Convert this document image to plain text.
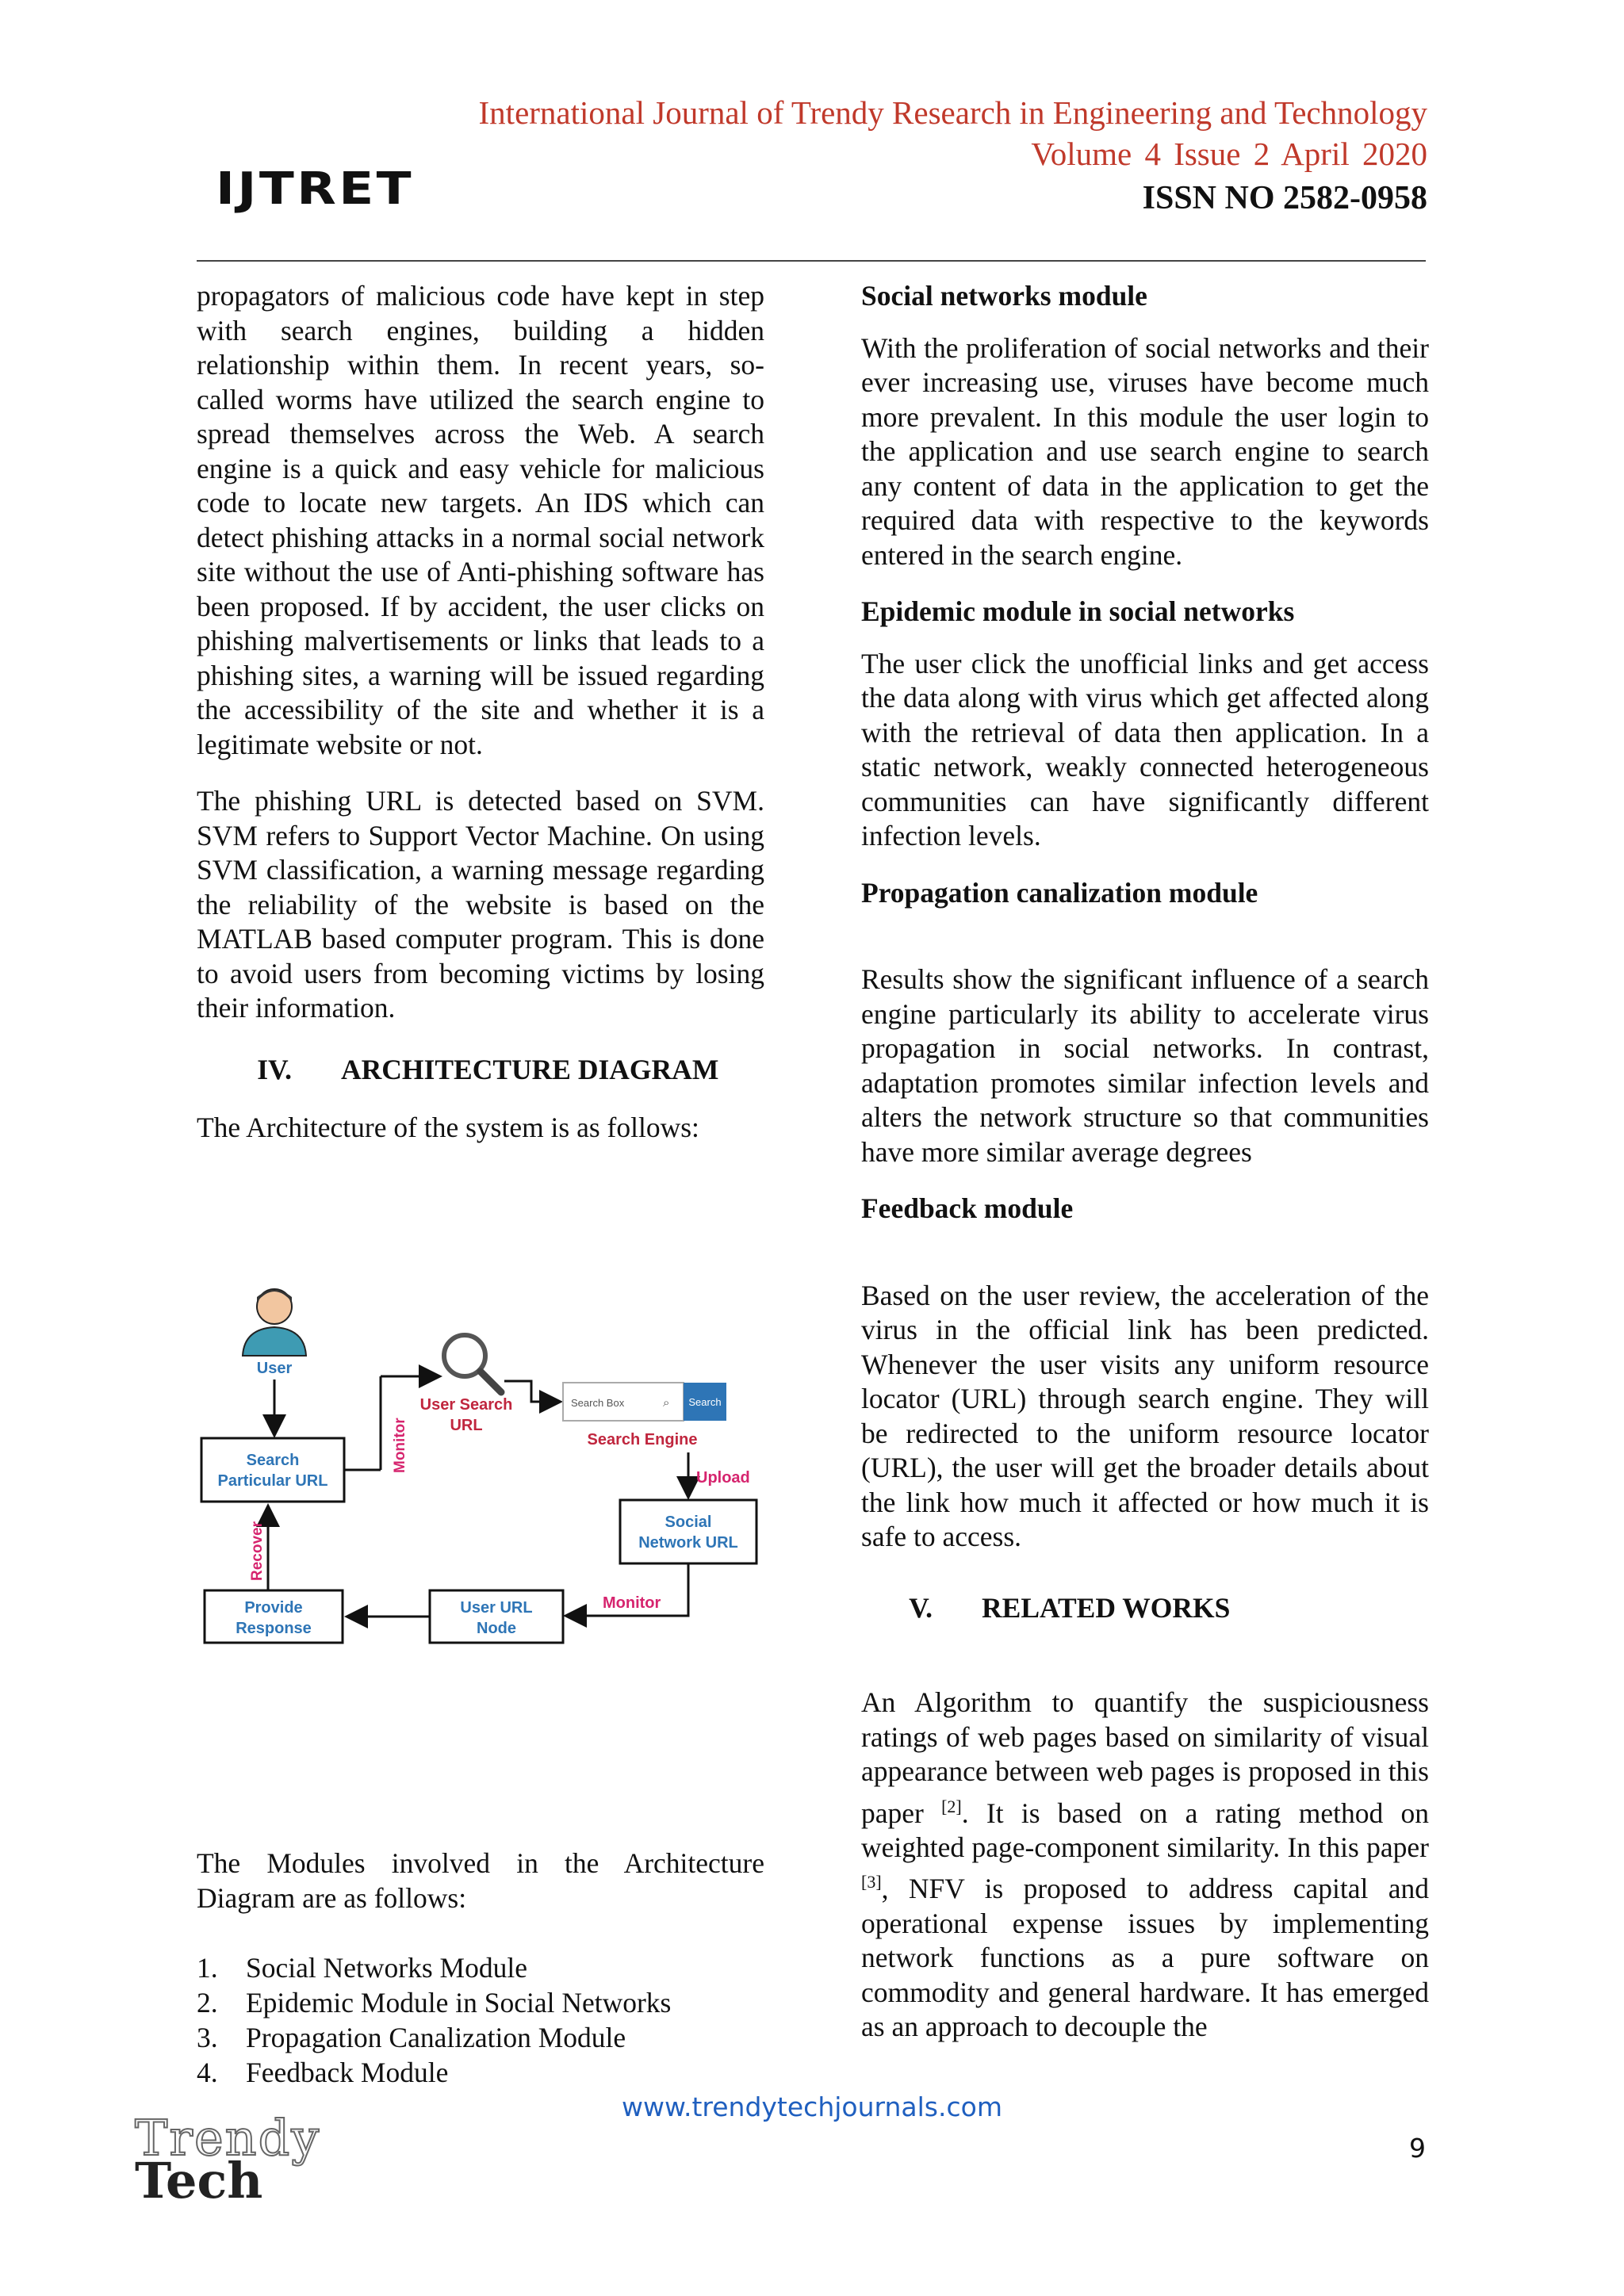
International Journal of Trendy Research in Engineering and Technology
Volume 4 Issue 2 April 2020
ISSN NO 2582-0958
IJTRET

propagators of malicious code have kept in step with search engines, building a hidden relationship within them. In recent years, so-called worms have utilized the search engine to spread themselves across the Web. A search engine is a quick and easy vehicle for malicious code to locate new targets. An IDS which can detect phishing attacks in a normal social network site without the use of Anti-phishing software has been proposed. If by accident, the user clicks on phishing malvertisements or links that leads to a phishing sites, a warning will be issued regarding the accessibility of the site and whether it is a legitimate website or not.

The phishing URL is detected based on SVM. SVM refers to Support Vector Machine. On using SVM classification, a warning message regarding the reliability of the website is based on the MATLAB based computer program. This is done to avoid users from becoming victims by losing their information.

IV.	ARCHITECTURE DIAGRAM

The Architecture of the system is as follows:

User
Search
Particular URL
Monitor
User Search
URL
Search Box	⌕ Search
Search Engine
Upload
Social
Network URL
Monitor
User URL
Node
Provide
Response
Recover
The Modules involved in the Architecture Diagram are as follows:
1. Social Networks Module
2. Epidemic Module in Social Networks
3. Propagation Canalization Module
4. Feedback Module
Social networks module

With the proliferation of social networks and their ever increasing use, viruses have become much more prevalent. In this module the user login to the application and use search engine to search any content of data in the application to get the required data with respective to the keywords entered in the search engine.

Epidemic module in social networks

The user click the unofficial links and get access the data along with virus which get affected along with the retrieval of data then application. In a static network, weakly connected heterogeneous communities can have significantly different infection levels.

Propagation canalization module

Results show the significant influence of a search engine particularly its ability to accelerate virus propagation in social networks. In contrast, adaptation promotes similar infection levels and alters the network structure so that communities have more similar average degrees

Feedback module

Based on the user review, the acceleration of the virus in the official link has been predicted. Whenever the user visits any uniform resource locator (URL) through search engine. They will be redirected to the uniform resource locator (URL), the user will get the broader details about the link how much it affected or how much it is safe to access.

V.	RELATED WORKS

An Algorithm to quantify the suspiciousness ratings of web pages based on similarity of visual appearance between web pages is proposed in this paper [2]. It is based on a rating method on weighted page-component similarity. In this paper [3], NFV is proposed to address capital and operational expense issues by implementing network functions as a pure software on commodity and general hardware. It has emerged as an approach to decouple the

www.trendytechjournals.com
9
Trendy
Tech
